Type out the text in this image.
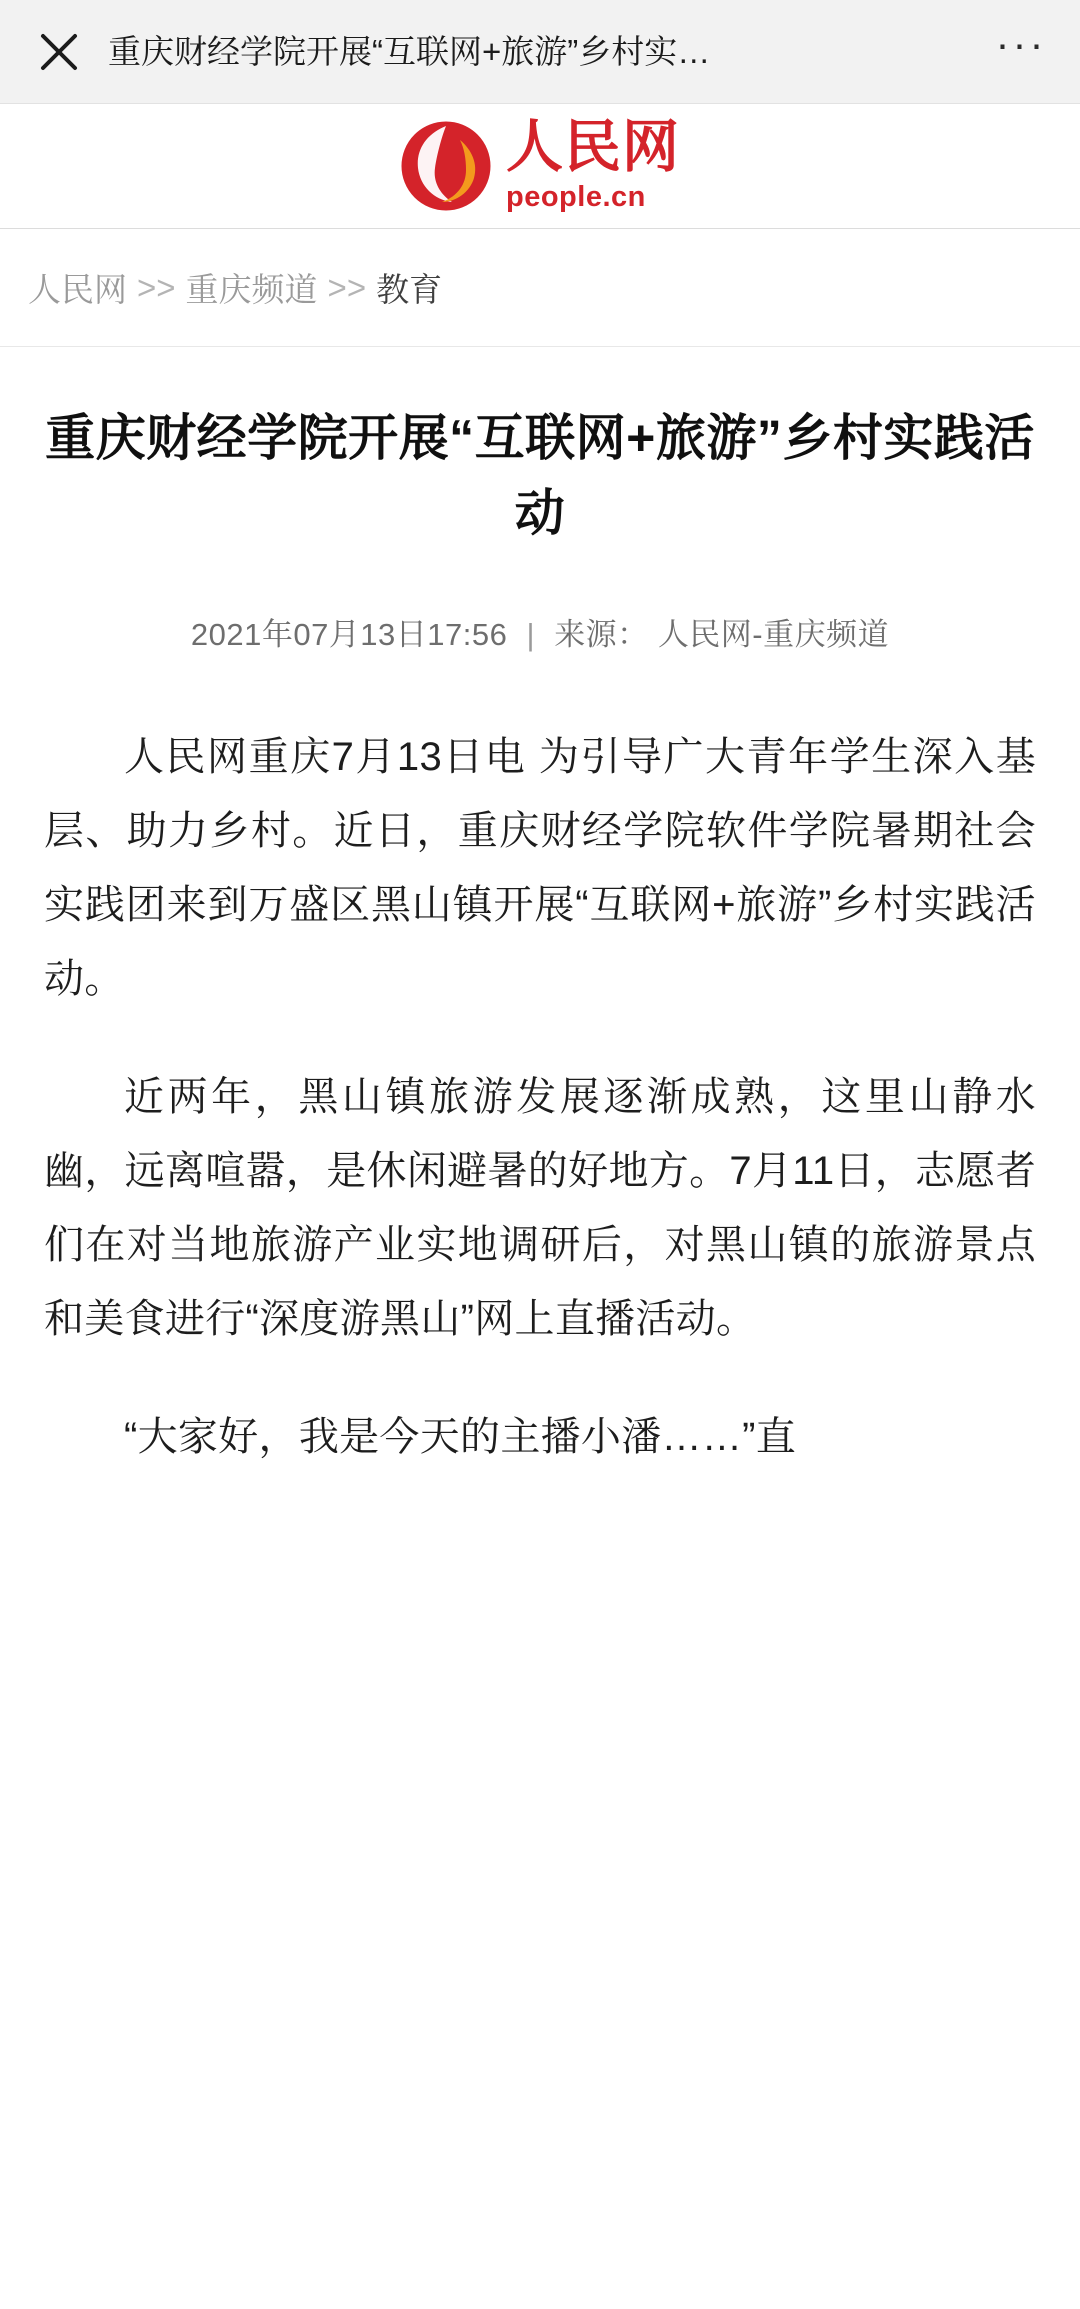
重庆财经学院开展“互联网+旅游”乡村实…	···
人民网
people.cn
人民网 >> 重庆频道 >> 教育
重庆财经学院开展“互联网+旅游”乡村实践活动
2021年07月13日17:56 | 来源： 人民网-重庆频道

人民网重庆7月13日电 为引导广大青年学生深入基层、助力乡村。近日，重庆财经学院软件学院暑期社会实践团来到万盛区黑山镇开展“互联网+旅游”乡村实践活动。

近两年，黑山镇旅游发展逐渐成熟，这里山静水幽，远离喧嚣，是休闲避暑的好地方。7月11日，志愿者们在对当地旅游产业实地调研后，对黑山镇的旅游景点和美食进行“深度游黑山”网上直播活动。

“大家好，我是今天的主播小潘……”直
